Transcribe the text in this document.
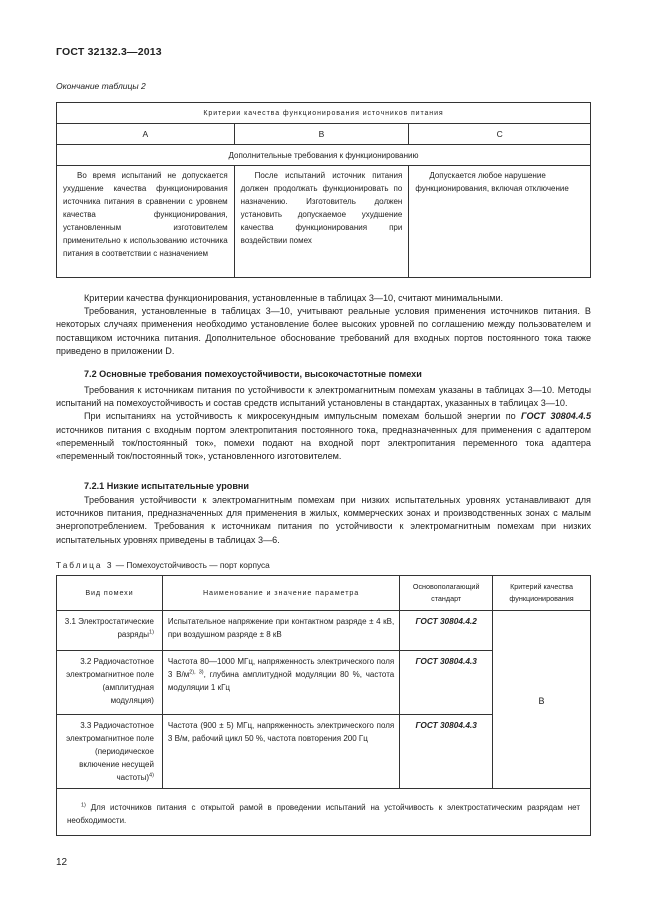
ГОСТ 32132.3—2013
Окончание таблицы 2
Критерии качества функционирования источников питания		
A	B	C
Дополнительные требования к функционированию		
Во время испытаний не допускается ухудшение качества функционирования источника питания в сравнении с уровнем качества функционирования, установленным изготовителем применительно к использованию источника питания в соответствии с назначением	После испытаний источник питания должен продолжать функционировать по назначению. Изготовитель должен установить допускаемое ухудшение качества функционирования при воздействии помех	Допускается любое нарушение функционирования, включая отключение

Критерии качества функционирования, установленные в таблицах 3—10, считают минимальными.

Требования, установленные в таблицах 3—10, учитывают реальные условия применения источников питания. В некоторых случаях применения необходимо установление более высоких уровней по соглашению между пользователем и поставщиком источника питания. Дополнительное обоснование требований для входных портов постоянного тока также приведено в приложении D.

7.2 Основные требования помехоустойчивости, высокочастотные помехи

Требования к источникам питания по устойчивости к электромагнитным помехам указаны в таблицах 3—10. Методы испытаний на помехоустойчивость и состав средств испытаний установлены в стандартах, указанных в таблицах 3—10.

При испытаниях на устойчивость к микросекундным импульсным помехам большой энергии по ГОСТ 30804.4.5 источников питания с входным портом электропитания постоянного тока, предназначенных для применения с адаптером «переменный ток/постоянный ток», помехи подают на входной порт электропитания переменного тока адаптера «переменный ток/постоянный ток», установленного изготовителем.

7.2.1 Низкие испытательные уровни

Требования устойчивости к электромагнитным помехам при низких испытательных уровнях устанавливают для источников питания, предназначенных для применения в жилых, коммерческих зонах и производственных зонах с малым энергопотреблением. Требования к источникам питания по устойчивости к электромагнитным помехам при низких испытательных уровнях приведены в таблицах 3—6.

Таблица 3 — Помехоустойчивость — порт корпуса
Вид помехи	Наименование и значение параметра	Основополагающий стандарт	Критерий качества функционирования
3.1 Электростатические разряды$^{1)}$	Испытательное напряжение при контактном разряде ± 4 кВ, при воздушном разряде ± 8 кВ	ГОСТ 30804.4.2	B
3.2 Радиочастотное электромагнитное поле (амплитудная модуляция)	Частота 80—1000 МГц, напряженность электрического поля 3 $В/м^{2), 3)}$, глубина амплитудной модуляции 80 %, частота модуляции 1 кГц	ГОСТ 30804.4.3	
3.3 Радиочастотное электромагнитное поле (периодическое включение несущей частоты)$^{4)}$	Частота (900 ± 5) МГц, напряженность электрического поля 3 В/м, рабочий цикл 50 %, частота повторения 200 Гц	ГОСТ 30804.4.3	
$^{1)}$ Для источников питания с открытой рамой в проведении испытаний на устойчивость к электростатическим разрядам нет необходимости.			
12
